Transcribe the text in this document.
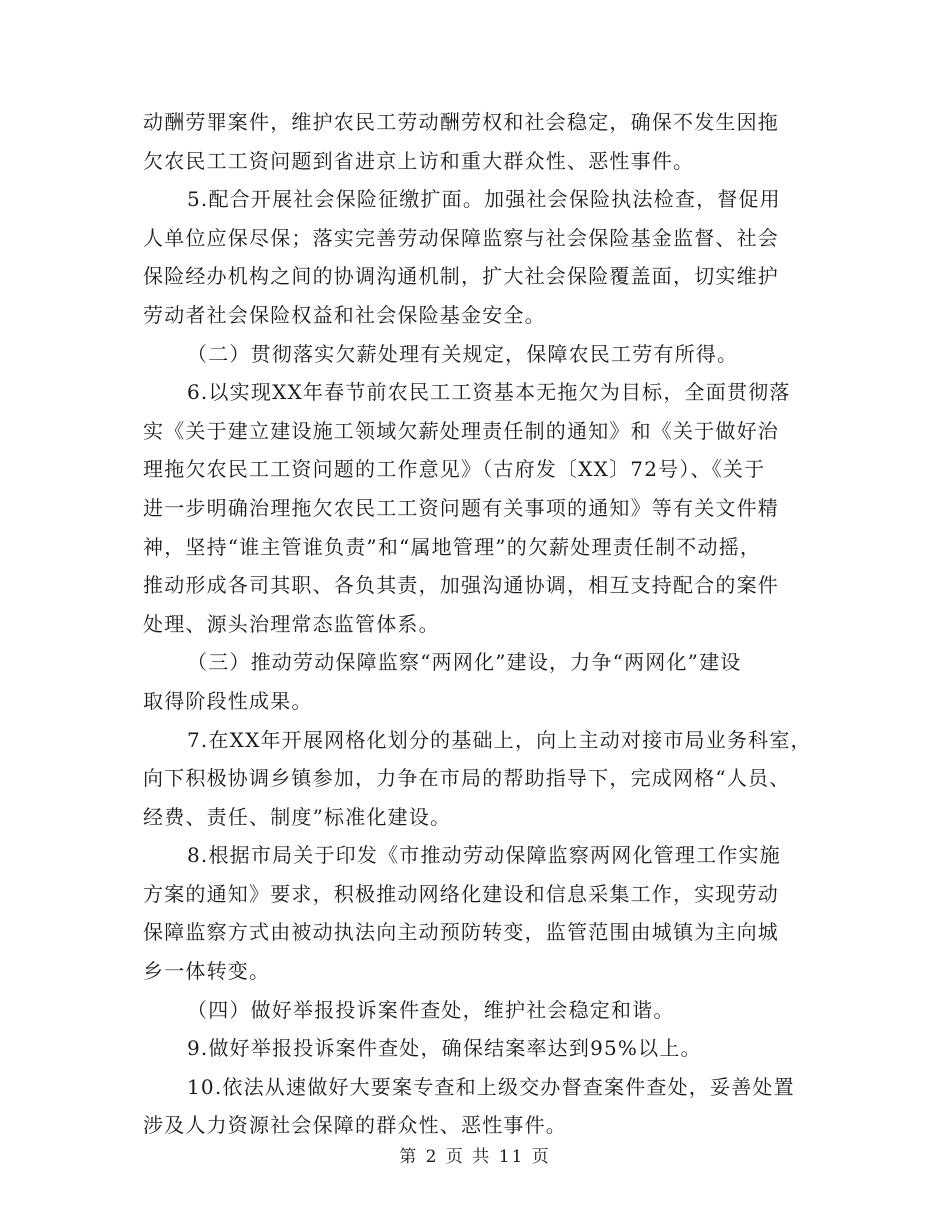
动酬劳罪案件，维护农民工劳动酬劳权和社会稳定，确保不发生因拖
欠农民工工资问题到省进京上访和重大群众性、恶性事件。
5.配合开展社会保险征缴扩面。加强社会保险执法检查，督促用
人单位应保尽保；落实完善劳动保障监察与社会保险基金监督、社会
保险经办机构之间的协调沟通机制，扩大社会保险覆盖面，切实维护
劳动者社会保险权益和社会保险基金安全。
（二）贯彻落实欠薪处理有关规定，保障农民工劳有所得。
6.以实现XX年春节前农民工工资基本无拖欠为目标，全面贯彻落
实《关于建立建设施工领域欠薪处理责任制的通知》和《关于做好治
理拖欠农民工工资问题的工作意见》（古府发〔XX〕72号）、《关于
进一步明确治理拖欠农民工工资问题有关事项的通知》等有关文件精
神，坚持“谁主管谁负责”和“属地管理”的欠薪处理责任制不动摇，
推动形成各司其职、各负其责，加强沟通协调，相互支持配合的案件
处理、源头治理常态监管体系。
（三）推动劳动保障监察“两网化”建设，力争“两网化”建设
取得阶段性成果。
7.在XX年开展网格化划分的基础上，向上主动对接市局业务科室，
向下积极协调乡镇参加，力争在市局的帮助指导下，完成网格“人员、
经费、责任、制度”标准化建设。
8.根据市局关于印发《市推动劳动保障监察两网化管理工作实施
方案的通知》要求，积极推动网络化建设和信息采集工作，实现劳动
保障监察方式由被动执法向主动预防转变，监管范围由城镇为主向城
乡一体转变。
（四）做好举报投诉案件查处，维护社会稳定和谐。
9.做好举报投诉案件查处，确保结案率达到95%以上。
10.依法从速做好大要案专查和上级交办督查案件查处，妥善处置
涉及人力资源社会保障的群众性、恶性事件。
第 2 页 共 11 页
